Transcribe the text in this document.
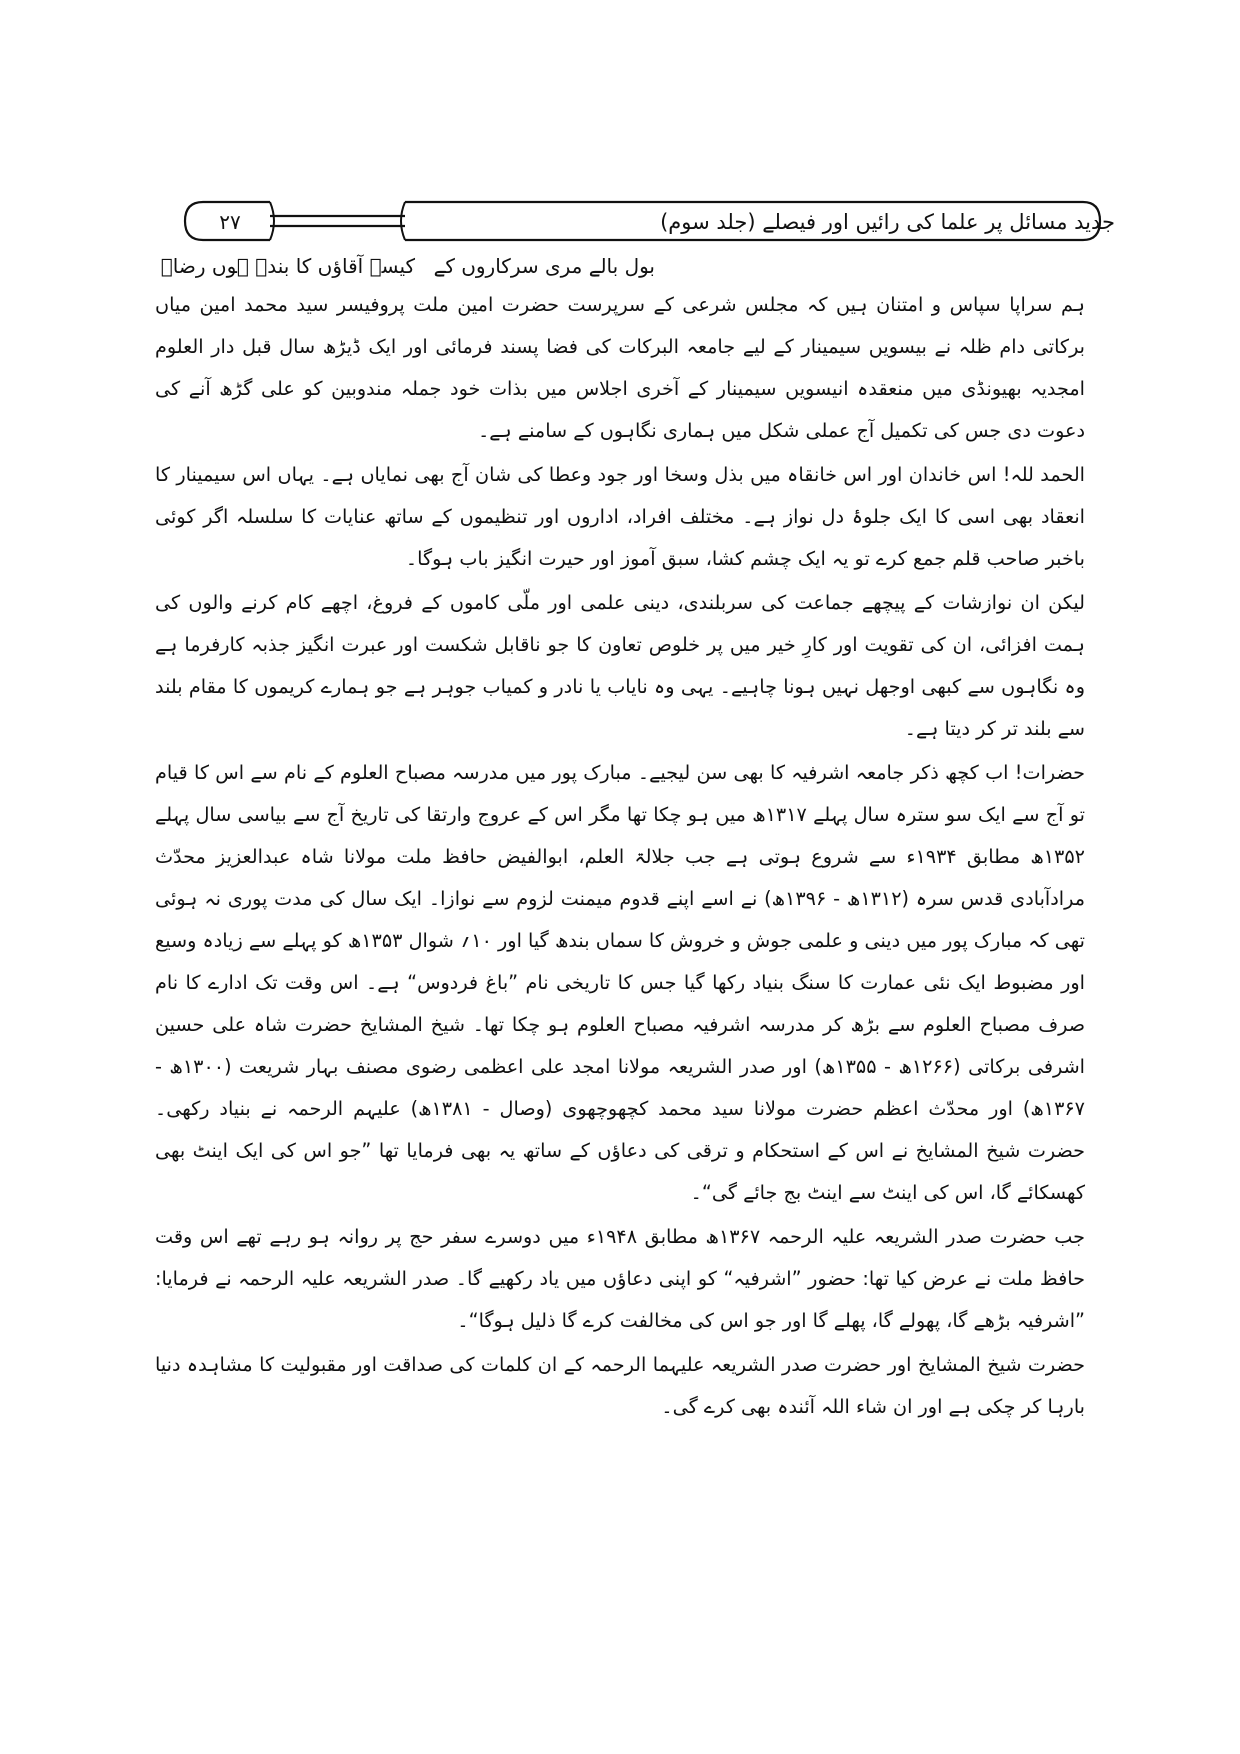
جدید مسائل پر علما کی رائیں اور فیصلے (جلد سوم)
۲۷
بول بالے مری سرکاروں کے
کیسے آقاؤں کا بندہ ہوں رضاؔ

ہم سراپا سپاس و امتنان ہیں کہ مجلس شرعی کے سرپرست حضرت امین ملت پروفیسر سید محمد امین میاں برکاتی دام ظلہ نے بیسویں سیمینار کے لیے جامعہ البرکات کی فضا پسند فرمائی اور ایک ڈیڑھ سال قبل دار العلوم امجدیہ بھیونڈی میں منعقدہ انیسویں سیمینار کے آخری اجلاس میں بذات خود جملہ مندوبین کو علی گڑھ آنے کی دعوت دی جس کی تکمیل آج عملی شکل میں ہماری نگاہوں کے سامنے ہے۔

الحمد للہ! اس خاندان اور اس خانقاہ میں بذل وسخا اور جود وعطا کی شان آج بھی نمایاں ہے۔ یہاں اس سیمینار کا انعقاد بھی اسی کا ایک جلوۂ دل نواز ہے۔ مختلف افراد، اداروں اور تنظیموں کے ساتھ عنایات کا سلسلہ اگر کوئی باخبر صاحب قلم جمع کرے تو یہ ایک چشم کشا، سبق آموز اور حیرت انگیز باب ہوگا۔

لیکن ان نوازشات کے پیچھے جماعت کی سربلندی، دینی علمی اور ملّی کاموں کے فروغ، اچھے کام کرنے والوں کی ہمت افزائی، ان کی تقویت اور کارِ خیر میں پر خلوص تعاون کا جو ناقابل شکست اور عبرت انگیز جذبہ کارفرما ہے وہ نگاہوں سے کبھی اوجھل نہیں ہونا چاہیے۔ یہی وہ نایاب یا نادر و کمیاب جوہر ہے جو ہمارے کریموں کا مقام بلند سے بلند تر کر دیتا ہے۔

حضرات! اب کچھ ذکر جامعہ اشرفیہ کا بھی سن لیجیے۔ مبارک پور میں مدرسہ مصباح العلوم کے نام سے اس کا قیام تو آج سے ایک سو سترہ سال پہلے ۱۳۱۷ھ میں ہو چکا تھا مگر اس کے عروج وارتقا کی تاریخ آج سے بیاسی سال پہلے ۱۳۵۲ھ مطابق ۱۹۳۴ء سے شروع ہوتی ہے جب جلالۃ العلم، ابوالفیض حافظ ملت مولانا شاہ عبدالعزیز محدّث مرادآبادی قدس سرہ (۱۳۱۲ھ - ۱۳۹۶ھ) نے اسے اپنے قدوم میمنت لزوم سے نوازا۔ ایک سال کی مدت پوری نہ ہوئی تھی کہ مبارک پور میں دینی و علمی جوش و خروش کا سماں بندھ گیا اور ۱۰؍ شوال ۱۳۵۳ھ کو پہلے سے زیادہ وسیع اور مضبوط ایک نئی عمارت کا سنگ بنیاد رکھا گیا جس کا تاریخی نام ”باغ فردوس“ ہے۔ اس وقت تک ادارے کا نام صرف مصباح العلوم سے بڑھ کر مدرسہ اشرفیہ مصباح العلوم ہو چکا تھا۔ شیخ المشایخ حضرت شاہ علی حسین اشرفی برکاتی (۱۲۶۶ھ - ۱۳۵۵ھ) اور صدر الشریعہ مولانا امجد علی اعظمی رضوی مصنف بہار شریعت (۱۳۰۰ھ - ۱۳۶۷ھ) اور محدّث اعظم حضرت مولانا سید محمد کچھوچھوی (وصال - ۱۳۸۱ھ) علیہم الرحمہ نے بنیاد رکھی۔ حضرت شیخ المشایخ نے اس کے استحکام و ترقی کی دعاؤں کے ساتھ یہ بھی فرمایا تھا ”جو اس کی ایک اینٹ بھی کھسکائے گا، اس کی اینٹ سے اینٹ بج جائے گی“۔

جب حضرت صدر الشریعہ علیہ الرحمہ ۱۳۶۷ھ مطابق ۱۹۴۸ء میں دوسرے سفر حج پر روانہ ہو رہے تھے اس وقت حافظ ملت نے عرض کیا تھا: حضور ”اشرفیہ“ کو اپنی دعاؤں میں یاد رکھیے گا۔ صدر الشریعہ علیہ الرحمہ نے فرمایا: ”اشرفیہ بڑھے گا، پھولے گا، پھلے گا اور جو اس کی مخالفت کرے گا ذلیل ہوگا“۔

حضرت شیخ المشایخ اور حضرت صدر الشریعہ علیہما الرحمہ کے ان کلمات کی صداقت اور مقبولیت کا مشاہدہ دنیا بارہا کر چکی ہے اور ان شاء اللہ آئندہ بھی کرے گی۔
